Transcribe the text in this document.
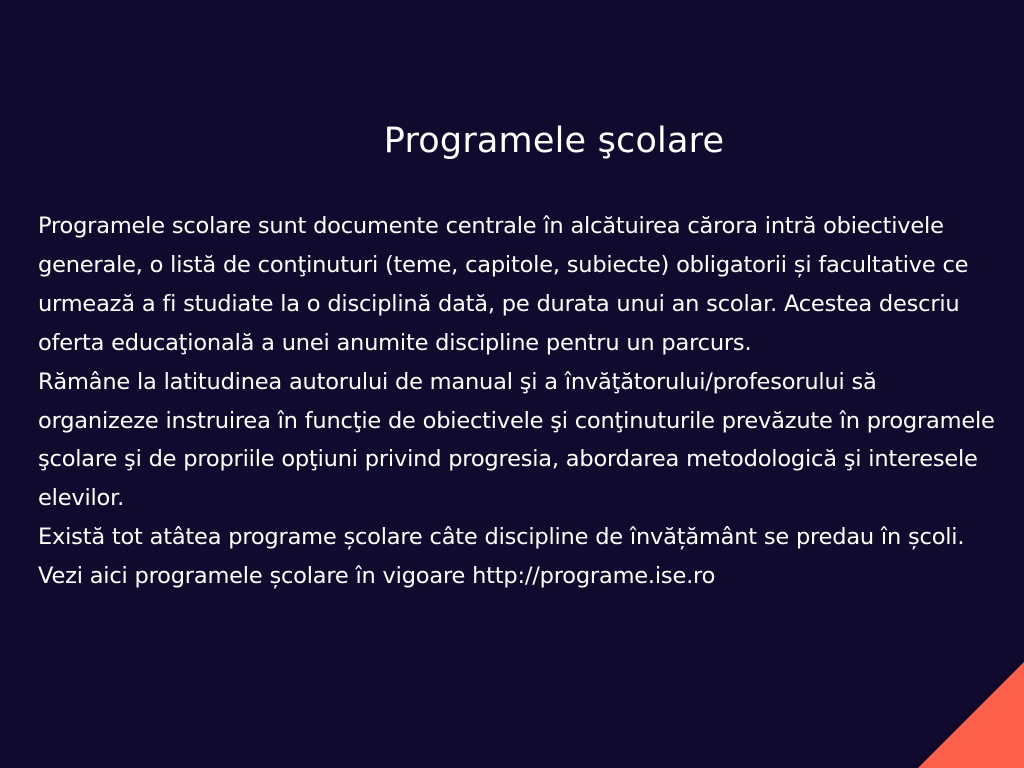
Programele şcolare

Programele scolare sunt documente centrale în alcătuirea cărora intră obiectivele generale, o listă de conţinuturi (teme, capitole, subiecte) obligatorii și facultative ce urmează a fi studiate la o disciplină dată, pe durata unui an scolar. Acestea descriu oferta educaţională a unei anumite discipline pentru un parcurs.

Rămâne la latitudinea autorului de manual şi a învăţătorului/profesorului să organizeze instruirea în funcţie de obiectivele şi conţinuturile prevăzute în programele şcolare şi de propriile opţiuni privind progresia, abordarea metodologică şi interesele elevilor.

Există tot atâtea programe școlare câte discipline de învățământ se predau în școli.

Vezi aici programele școlare în vigoare http://programe.ise.ro
